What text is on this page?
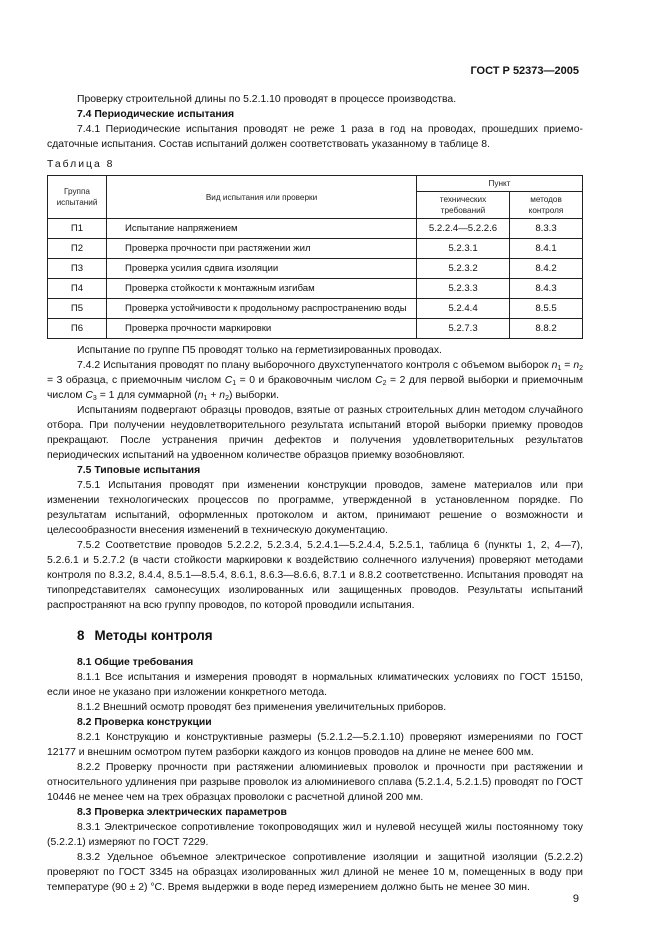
ГОСТ Р 52373—2005

Проверку строительной длины по 5.2.1.10 проводят в процессе производства.

7.4 Периодические испытания

7.4.1 Периодические испытания проводят не реже 1 раза в год на проводах, прошедших приемо-сдаточные испытания. Состав испытаний должен соответствовать указанному в таблице 8.

Таблица 8
Группа испытаний	Вид испытания или проверки	Пункт	
		технических требований	методов контроля
П1	Испытание напряжением	5.2.2.4—5.2.2.6	8.3.3
П2	Проверка прочности при растяжении жил	5.2.3.1	8.4.1
П3	Проверка усилия сдвига изоляции	5.2.3.2	8.4.2
П4	Проверка стойкости к монтажным изгибам	5.2.3.3	8.4.3
П5	Проверка устойчивости к продольному распространению воды	5.2.4.4	8.5.5
П6	Проверка прочности маркировки	5.2.7.3	8.8.2

Испытание по группе П5 проводят только на герметизированных проводах.

7.4.2 Испытания проводят по плану выборочного двухступенчатого контроля с объемом выборок $n_1 = n_2 = 3$ образца, с приемочным числом $C_1 = 0$ и браковочным числом $C_2 = 2$ для первой выборки и приемочным числом $C_3 = 1$ для суммарной $(n_1 + n_2)$ выборки.

Испытаниям подвергают образцы проводов, взятые от разных строительных длин методом случайного отбора. При получении неудовлетворительного результата испытаний второй выборки приемку проводов прекращают. После устранения причин дефектов и получения удовлетворительных результатов периодических испытаний на удвоенном количестве образцов приемку возобновляют.

7.5 Типовые испытания

7.5.1 Испытания проводят при изменении конструкции проводов, замене материалов или при изменении технологических процессов по программе, утвержденной в установленном порядке. По результатам испытаний, оформленных протоколом и актом, принимают решение о возможности и целесообразности внесения изменений в техническую документацию.

7.5.2 Соответствие проводов 5.2.2.2, 5.2.3.4, 5.2.4.1—5.2.4.4, 5.2.5.1, таблица 6 (пункты 1, 2, 4—7), 5.2.6.1 и 5.2.7.2 (в части стойкости маркировки к воздействию солнечного излучения) проверяют методами контроля по 8.3.2, 8.4.4, 8.5.1—8.5.4, 8.6.1, 8.6.3—8.6.6, 8.7.1 и 8.8.2 соответственно. Испытания проводят на типопредставителях самонесущих изолированных или защищенных проводов. Результаты испытаний распространяют на всю группу проводов, по которой проводили испытания.

8 Методы контроля
8.1 Общие требования

8.1.1 Все испытания и измерения проводят в нормальных климатических условиях по ГОСТ 15150, если иное не указано при изложении конкретного метода.

8.1.2 Внешний осмотр проводят без применения увеличительных приборов.

8.2 Проверка конструкции

8.2.1 Конструкцию и конструктивные размеры (5.2.1.2—5.2.1.10) проверяют измерениями по ГОСТ 12177 и внешним осмотром путем разборки каждого из концов проводов на длине не менее 600 мм.

8.2.2 Проверку прочности при растяжении алюминиевых проволок и прочности при растяжении и относительного удлинения при разрыве проволок из алюминиевого сплава (5.2.1.4, 5.2.1.5) проводят по ГОСТ 10446 не менее чем на трех образцах проволоки с расчетной длиной 200 мм.

8.3 Проверка электрических параметров

8.3.1 Электрическое сопротивление токопроводящих жил и нулевой несущей жилы постоянному току (5.2.2.1) измеряют по ГОСТ 7229.

8.3.2 Удельное объемное электрическое сопротивление изоляции и защитной изоляции (5.2.2.2) проверяют по ГОСТ 3345 на образцах изолированных жил длиной не менее 10 м, помещенных в воду при температуре (90 ± 2) °С. Время выдержки в воде перед измерением должно быть не менее 30 мин.

9
